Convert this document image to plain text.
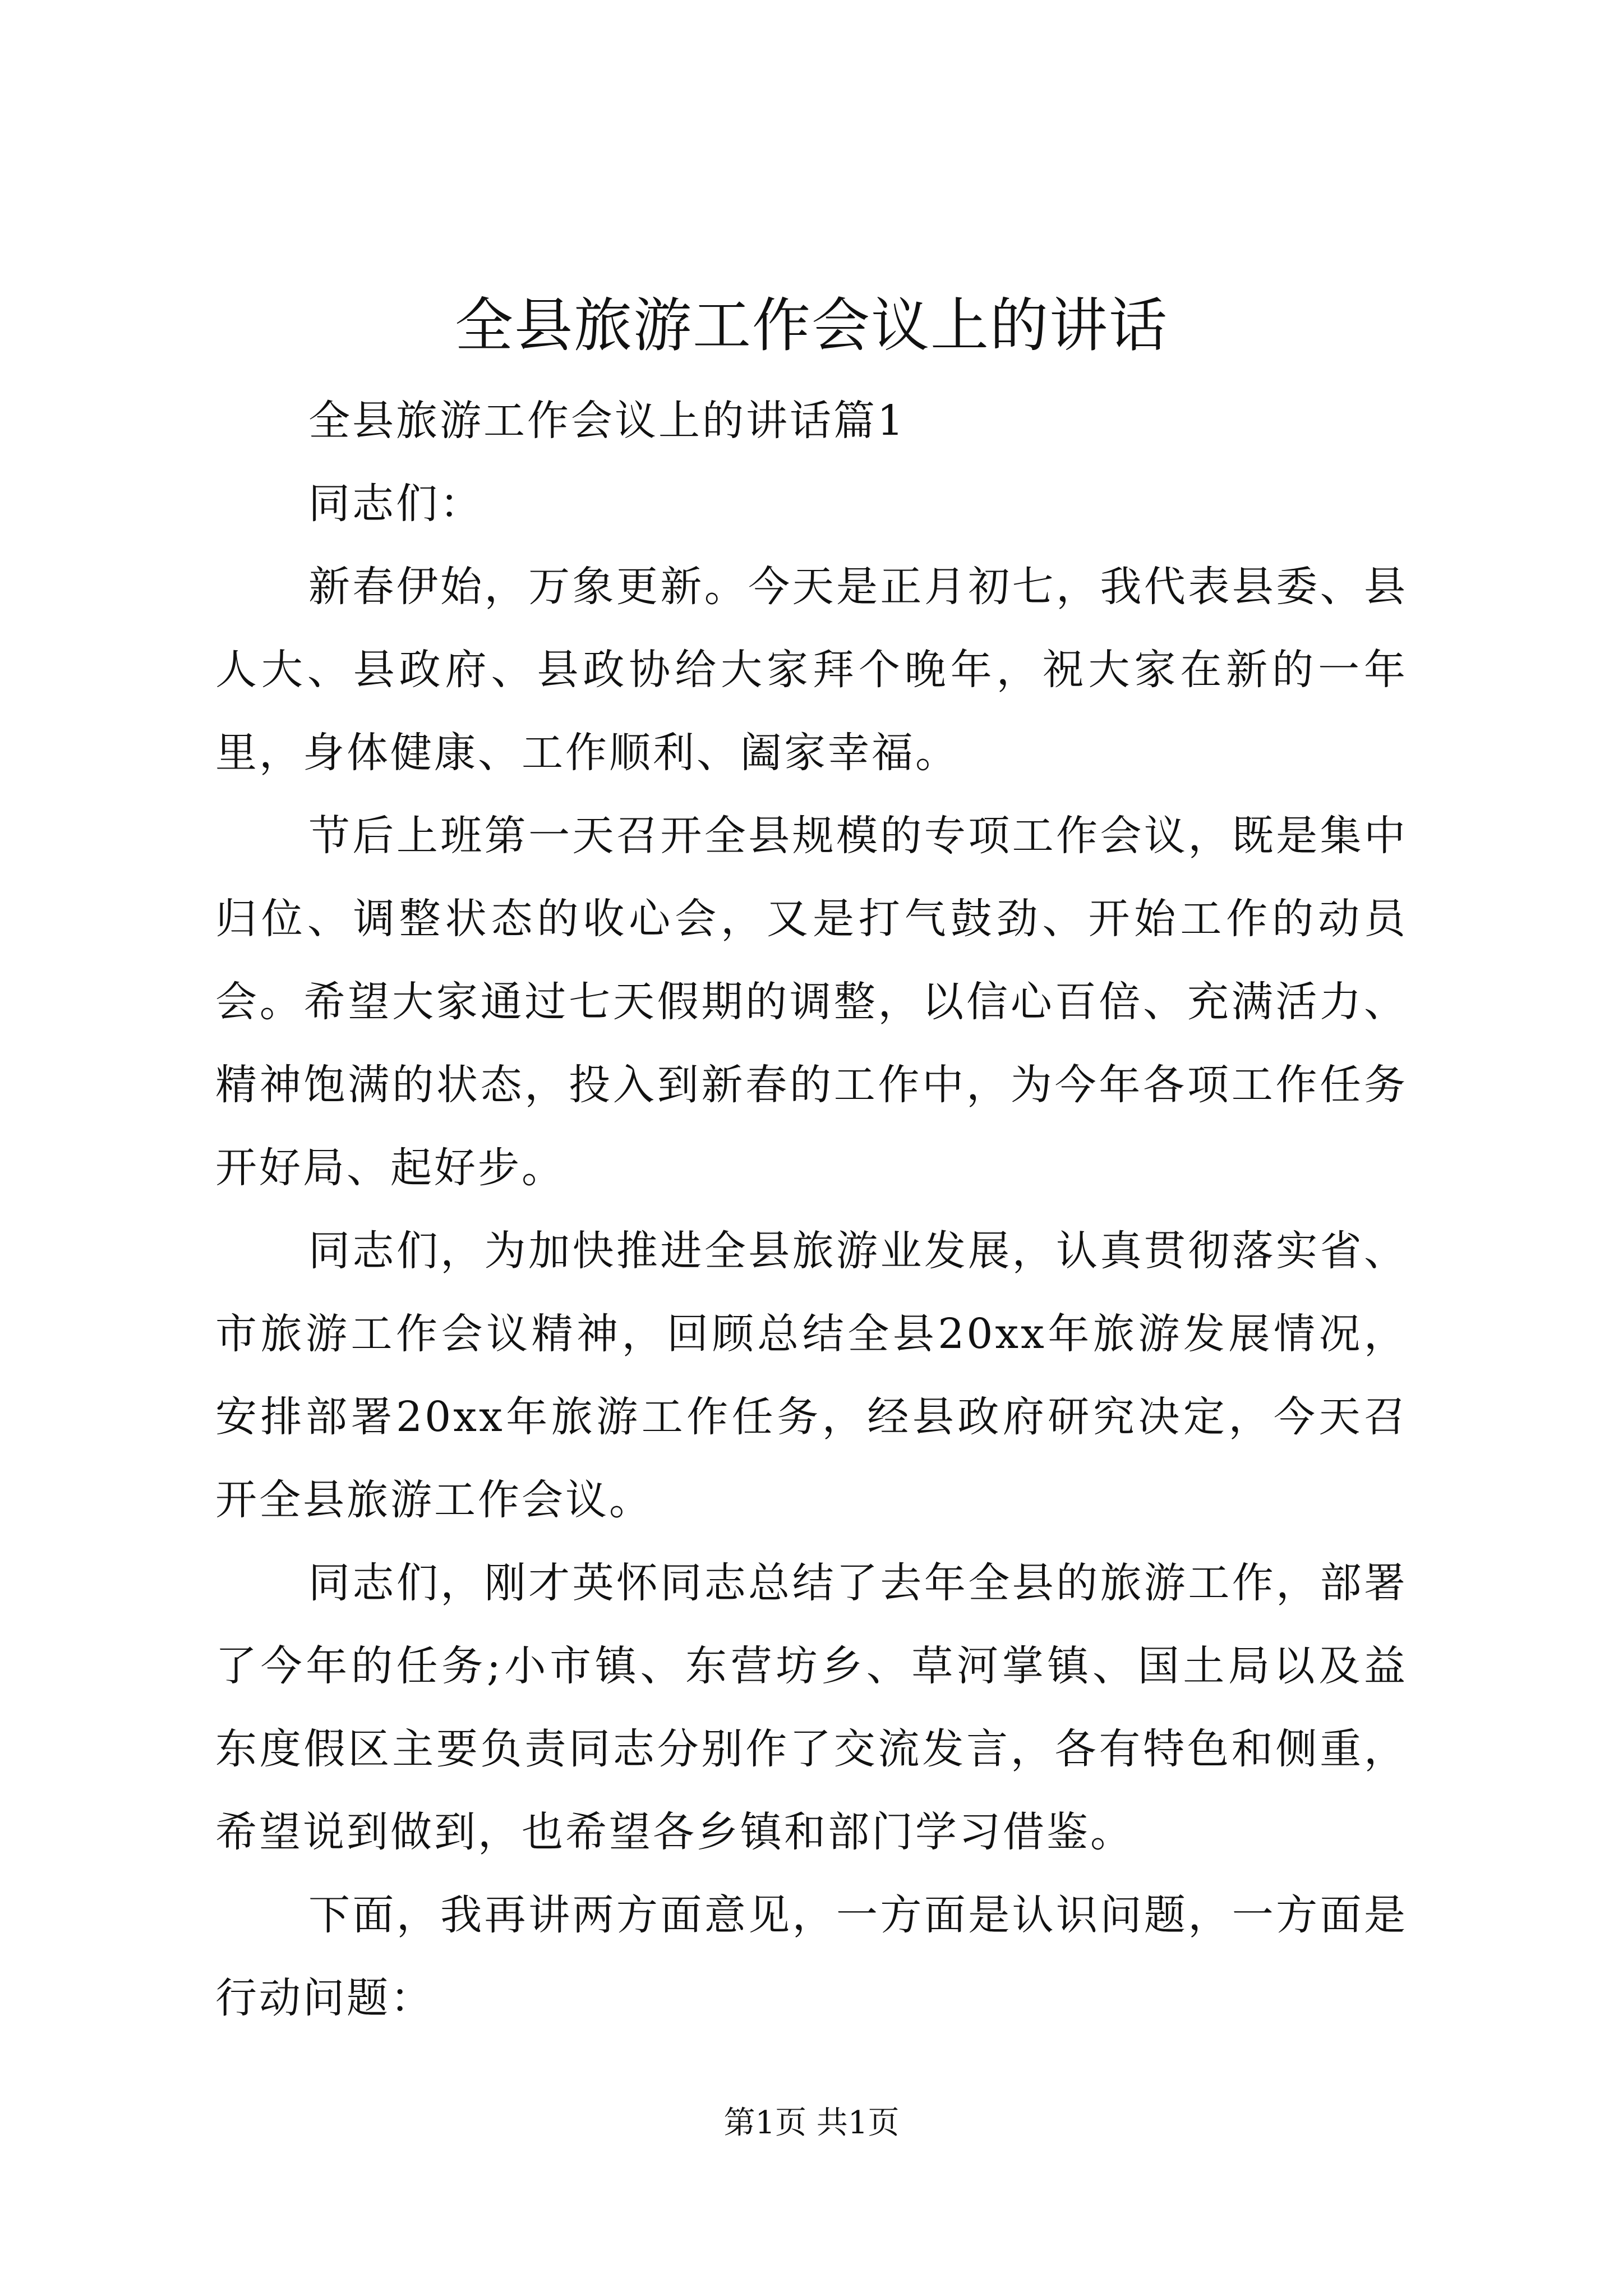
全县旅游工作会议上的讲话

全县旅游工作会议上的讲话篇1

同志们：

新春伊始，万象更新。今天是正月初七，我代表县委、县人大、县政府、县政协给大家拜个晚年，祝大家在新的一年里，身体健康、工作顺利、阖家幸福。

节后上班第一天召开全县规模的专项工作会议，既是集中归位、调整状态的收心会，又是打气鼓劲、开始工作的动员会。希望大家通过七天假期的调整，以信心百倍、充满活力、精神饱满的状态，投入到新春的工作中，为今年各项工作任务开好局、起好步。

同志们，为加快推进全县旅游业发展，认真贯彻落实省、市旅游工作会议精神，回顾总结全县20xx年旅游发展情况，安排部署20xx年旅游工作任务，经县政府研究决定，今天召开全县旅游工作会议。

同志们，刚才英怀同志总结了去年全县的旅游工作，部署了今年的任务;小市镇、东营坊乡、草河掌镇、国土局以及益东度假区主要负责同志分别作了交流发言，各有特色和侧重，希望说到做到，也希望各乡镇和部门学习借鉴。

下面，我再讲两方面意见，一方面是认识问题，一方面是行动问题：

第1页 共1页
